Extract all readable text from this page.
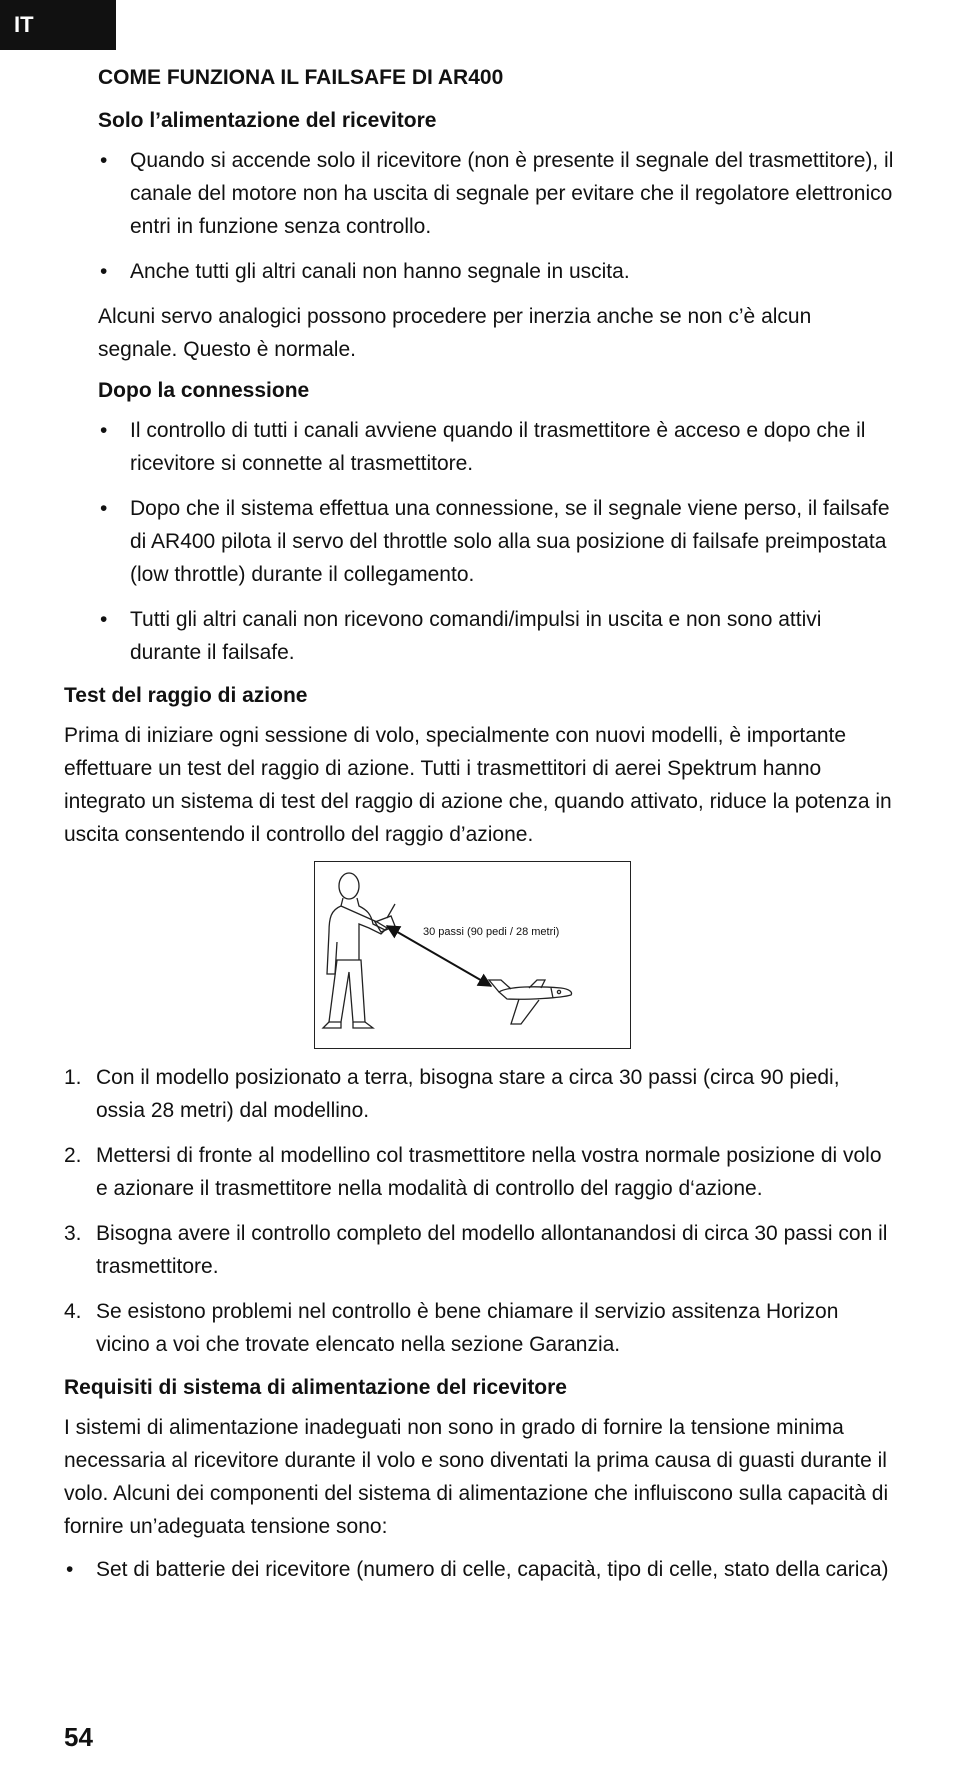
IT
COME FUNZIONA IL FAILSAFE DI AR400
Solo l’alimentazione del ricevitore
• Quando si accende solo il ricevitore (non è presente il segnale del trasmettitore), il canale del motore non ha uscita di segnale per evitare che il regolatore elettronico entri in funzione senza controllo.
• Anche tutti gli altri canali non hanno segnale in uscita.

Alcuni servo analogici possono procedere per inerzia anche se non c’è alcun segnale. Questo è normale.

Dopo la connessione
• Il controllo di tutti i canali avviene quando il trasmettitore è acceso e dopo che il ricevitore si connette al trasmettitore.
• Dopo che il sistema effettua una connessione, se il segnale viene perso, il failsafe di AR400 pilota il servo del throttle solo alla sua posizione di failsafe preimpostata (low throttle) durante il collegamento.
• Tutti gli altri canali non ricevono comandi/impulsi in uscita e non sono attivi durante il failsafe.
Test del raggio di azione

Prima di iniziare ogni sessione di volo, specialmente con nuovi modelli, è importante effettuare un test del raggio di azione. Tutti i trasmettitori di aerei Spektrum hanno integrato un sistema di test del raggio di azione che, quando attivato, riduce la potenza in uscita consentendo il controllo del raggio d’azione.

30 passi (90 pedi / 28 metri)
1. Con il modello posizionato a terra, bisogna stare a circa 30 passi (circa 90 piedi, ossia 28 metri) dal modellino.
2. Mettersi di fronte al modellino col trasmettitore nella vostra normale posizione di volo e azionare il trasmettitore nella modalità di controllo del raggio d‘azione.
3. Bisogna avere il controllo completo del modello allontanandosi di circa 30 passi con il trasmettitore.
4. Se esistono problemi nel controllo è bene chiamare il servizio assitenza Horizon vicino a voi che trovate elencato nella sezione Garanzia.
Requisiti di sistema di alimentazione del ricevitore

I sistemi di alimentazione inadeguati non sono in grado di fornire la tensione minima necessaria al ricevitore durante il volo e sono diventati la prima causa di guasti durante il volo. Alcuni dei componenti del sistema di alimentazione che influiscono sulla capacità di fornire un’adeguata tensione sono:

• Set di batterie dei ricevitore (numero di celle, capacità, tipo di celle, stato della carica)
54
